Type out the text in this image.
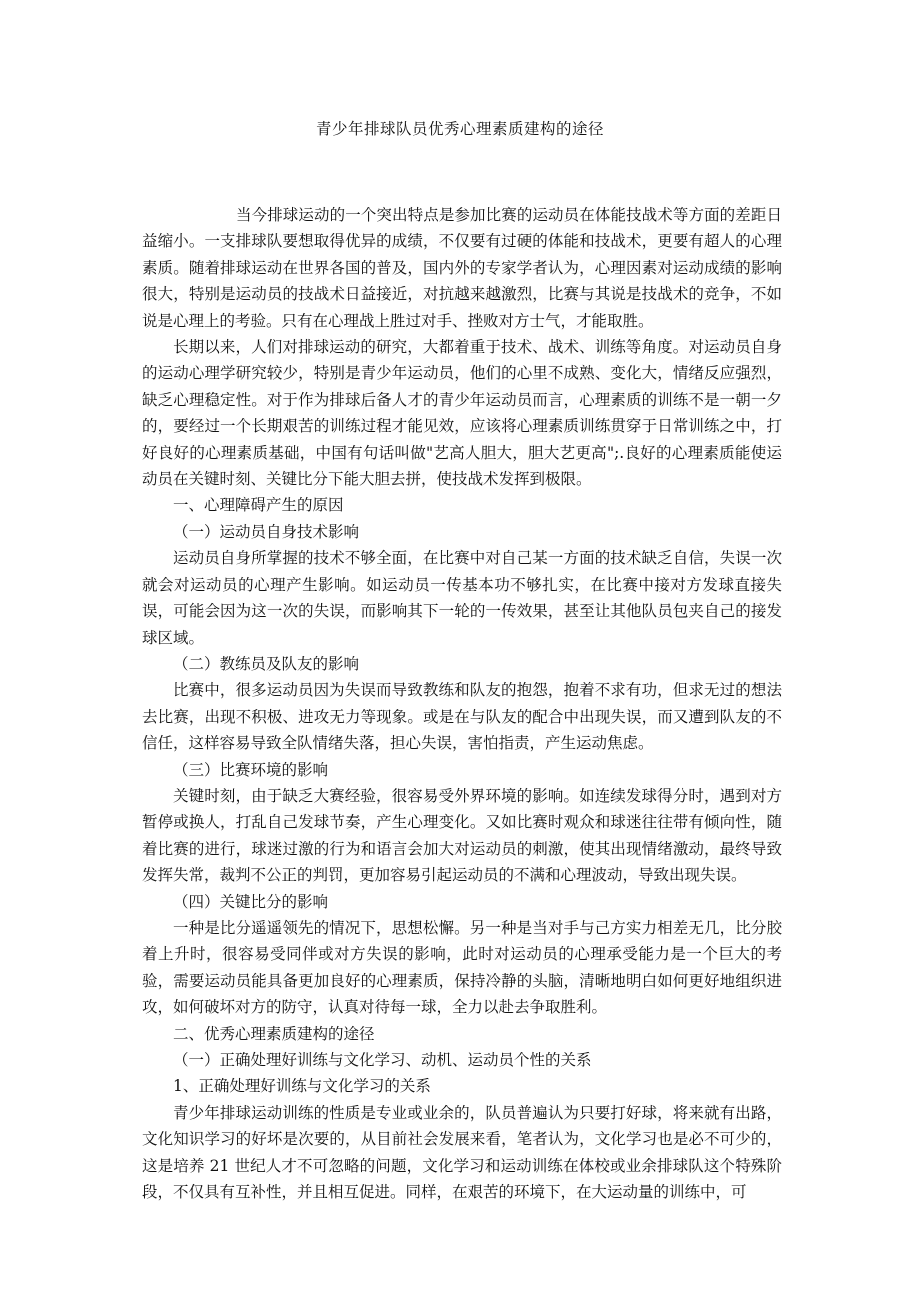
青少年排球队员优秀心理素质建构的途径

当今排球运动的一个突出特点是参加比赛的运动员在体能技战术等方面的差距日益缩小。一支排球队要想取得优异的成绩，不仅要有过硬的体能和技战术，更要有超人的心理素质。随着排球运动在世界各国的普及，国内外的专家学者认为，心理因素对运动成绩的影响很大，特别是运动员的技战术日益接近，对抗越来越激烈，比赛与其说是技战术的竞争，不如说是心理上的考验。只有在心理战上胜过对手、挫败对方士气，才能取胜。

长期以来，人们对排球运动的研究，大都着重于技术、战术、训练等角度。对运动员自身的运动心理学研究较少，特别是青少年运动员，他们的心里不成熟、变化大，情绪反应强烈，缺乏心理稳定性。对于作为排球后备人才的青少年运动员而言，心理素质的训练不是一朝一夕的，要经过一个长期艰苦的训练过程才能见效，应该将心理素质训练贯穿于日常训练之中，打好良好的心理素质基础，中国有句话叫做"艺高人胆大，胆大艺更高";.良好的心理素质能使运动员在关键时刻、关键比分下能大胆去拼，使技战术发挥到极限。

一、心理障碍产生的原因

（一）运动员自身技术影响

运动员自身所掌握的技术不够全面，在比赛中对自己某一方面的技术缺乏自信，失误一次就会对运动员的心理产生影响。如运动员一传基本功不够扎实，在比赛中接对方发球直接失误，可能会因为这一次的失误，而影响其下一轮的一传效果，甚至让其他队员包夹自己的接发球区域。

（二）教练员及队友的影响

比赛中，很多运动员因为失误而导致教练和队友的抱怨，抱着不求有功，但求无过的想法去比赛，出现不积极、进攻无力等现象。或是在与队友的配合中出现失误，而又遭到队友的不信任，这样容易导致全队情绪失落，担心失误，害怕指责，产生运动焦虑。

（三）比赛环境的影响

关键时刻，由于缺乏大赛经验，很容易受外界环境的影响。如连续发球得分时，遇到对方暂停或换人，打乱自己发球节奏，产生心理变化。又如比赛时观众和球迷往往带有倾向性，随着比赛的进行，球迷过激的行为和语言会加大对运动员的刺激，使其出现情绪激动，最终导致发挥失常，裁判不公正的判罚，更加容易引起运动员的不满和心理波动，导致出现失误。

（四）关键比分的影响

一种是比分遥遥领先的情况下，思想松懈。另一种是当对手与己方实力相差无几，比分胶着上升时，很容易受同伴或对方失误的影响，此时对运动员的心理承受能力是一个巨大的考验，需要运动员能具备更加良好的心理素质，保持冷静的头脑，清晰地明白如何更好地组织进攻，如何破坏对方的防守，认真对待每一球，全力以赴去争取胜利。

二、优秀心理素质建构的途径

（一）正确处理好训练与文化学习、动机、运动员个性的关系

1、正确处理好训练与文化学习的关系

青少年排球运动训练的性质是专业或业余的，队员普遍认为只要打好球，将来就有出路，文化知识学习的好坏是次要的，从目前社会发展来看，笔者认为，文化学习也是必不可少的，这是培养 21 世纪人才不可忽略的问题，文化学习和运动训练在体校或业余排球队这个特殊阶段，不仅具有互补性，并且相互促进。同样，在艰苦的环境下，在大运动量的训练中，可
